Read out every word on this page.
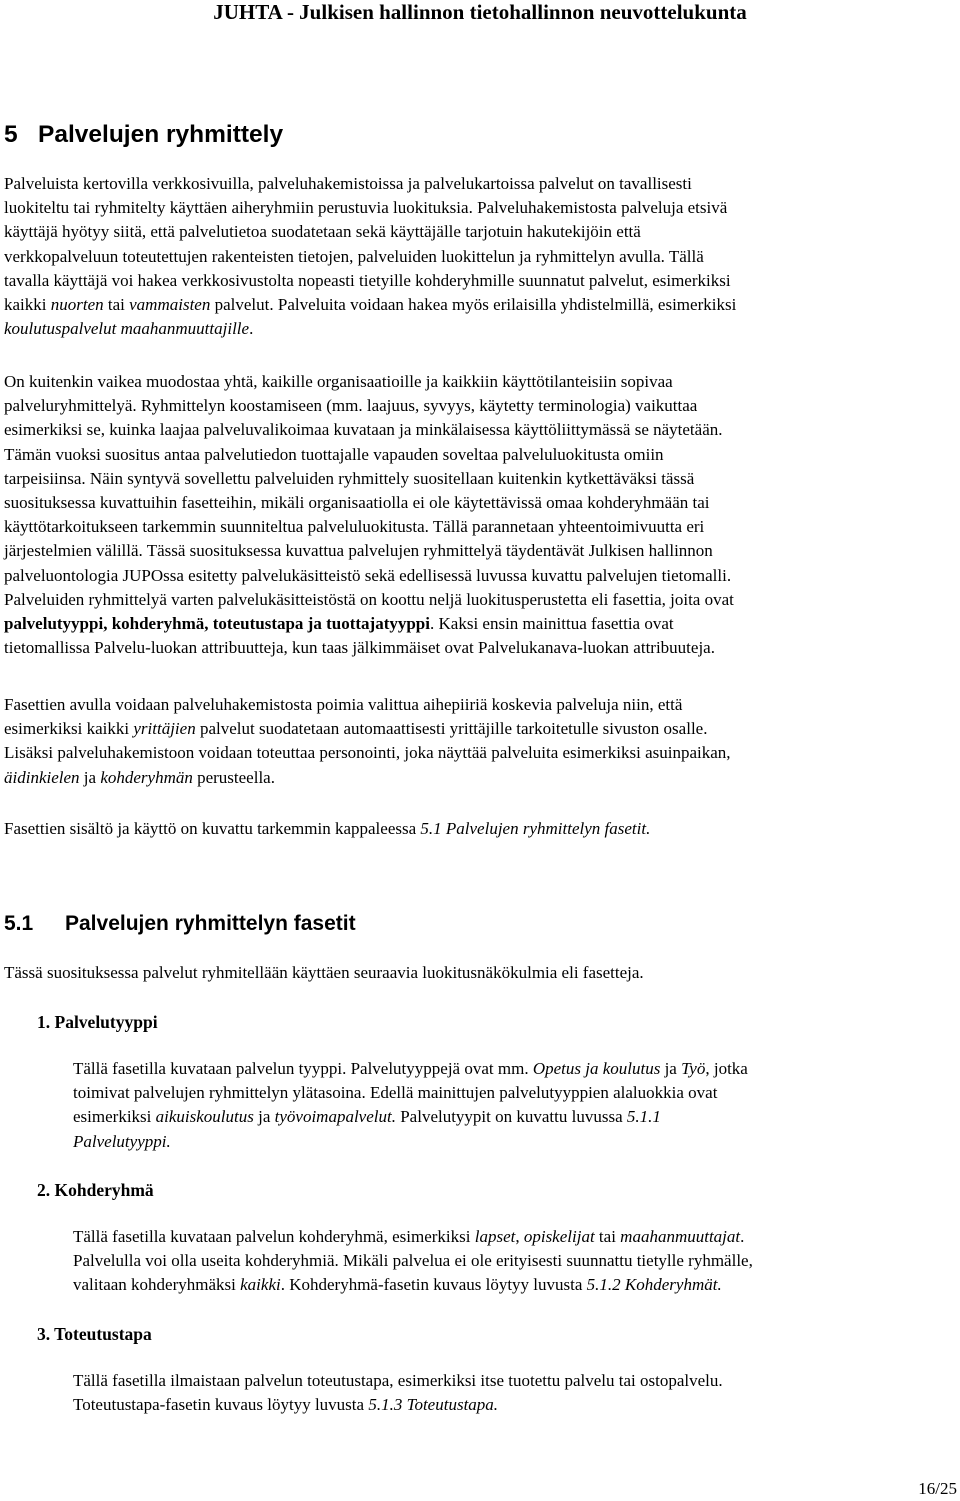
JUHTA - Julkisen hallinnon tietohallinnon neuvottelukunta
5 Palvelujen ryhmittely

Palveluista kertovilla verkkosivuilla, palveluhakemistoissa ja palvelukartoissa palvelut on tavallisesti
luokiteltu tai ryhmitelty käyttäen aiheryhmiin perustuvia luokituksia. Palveluhakemistosta palveluja etsivä
käyttäjä hyötyy siitä, että palvelutietoa suodatetaan sekä käyttäjälle tarjotuin hakutekijöin että
verkkopalveluun toteutettujen rakenteisten tietojen, palveluiden luokittelun ja ryhmittelyn avulla. Tällä
tavalla käyttäjä voi hakea verkkosivustolta nopeasti tietyille kohderyhmille suunnatut palvelut, esimerkiksi
kaikki nuorten tai vammaisten palvelut. Palveluita voidaan hakea myös erilaisilla yhdistelmillä, esimerkiksi
koulutuspalvelut maahanmuuttajille.

On kuitenkin vaikea muodostaa yhtä, kaikille organisaatioille ja kaikkiin käyttötilanteisiin sopivaa
palveluryhmittelyä. Ryhmittelyn koostamiseen (mm. laajuus, syvyys, käytetty terminologia) vaikuttaa
esimerkiksi se, kuinka laajaa palveluvalikoimaa kuvataan ja minkälaisessa käyttöliittymässä se näytetään.
Tämän vuoksi suositus antaa palvelutiedon tuottajalle vapauden soveltaa palveluluokitusta omiin
tarpeisiinsa. Näin syntyvä sovellettu palveluiden ryhmittely suositellaan kuitenkin kytkettäväksi tässä
suosituksessa kuvattuihin fasetteihin, mikäli organisaatiolla ei ole käytettävissä omaa kohderyhmään tai
käyttötarkoitukseen tarkemmin suunniteltua palveluluokitusta. Tällä parannetaan yhteentoimivuutta eri
järjestelmien välillä. Tässä suosituksessa kuvattua palvelujen ryhmittelyä täydentävät Julkisen hallinnon
palveluontologia JUPOssa esitetty palvelukäsitteistö sekä edellisessä luvussa kuvattu palvelujen tietomalli.
Palveluiden ryhmittelyä varten palvelukäsitteistöstä on koottu neljä luokitusperustetta eli fasettia, joita ovat
palvelutyyppi, kohderyhmä, toteutustapa ja tuottajatyyppi. Kaksi ensin mainittua fasettia ovat
tietomallissa Palvelu-luokan attribuutteja, kun taas jälkimmäiset ovat Palvelukanava-luokan attribuuteja.

Fasettien avulla voidaan palveluhakemistosta poimia valittua aihepiiriä koskevia palveluja niin, että
esimerkiksi kaikki yrittäjien palvelut suodatetaan automaattisesti yrittäjille tarkoitetulle sivuston osalle.
Lisäksi palveluhakemistoon voidaan toteuttaa personointi, joka näyttää palveluita esimerkiksi asuinpaikan,
äidinkielen ja kohderyhmän perusteella.

Fasettien sisältö ja käyttö on kuvattu tarkemmin kappaleessa 5.1 Palvelujen ryhmittelyn fasetit.

5.1 Palvelujen ryhmittelyn fasetit

Tässä suosituksessa palvelut ryhmitellään käyttäen seuraavia luokitusnäkökulmia eli fasetteja.

1. Palvelutyyppi

Tällä fasetilla kuvataan palvelun tyyppi. Palvelutyyppejä ovat mm. Opetus ja koulutus ja Työ, jotka
toimivat palvelujen ryhmittelyn ylätasoina. Edellä mainittujen palvelutyyppien alaluokkia ovat
esimerkiksi aikuiskoulutus ja työvoimapalvelut. Palvelutyypit on kuvattu luvussa 5.1.1
Palvelutyyppi.

2. Kohderyhmä

Tällä fasetilla kuvataan palvelun kohderyhmä, esimerkiksi lapset, opiskelijat tai maahanmuuttajat.
Palvelulla voi olla useita kohderyhmiä. Mikäli palvelua ei ole erityisesti suunnattu tietylle ryhmälle,
valitaan kohderyhmäksi kaikki. Kohderyhmä-fasetin kuvaus löytyy luvusta 5.1.2 Kohderyhmät.

3. Toteutustapa

Tällä fasetilla ilmaistaan palvelun toteutustapa, esimerkiksi itse tuotettu palvelu tai ostopalvelu.
Toteutustapa-fasetin kuvaus löytyy luvusta 5.1.3 Toteutustapa.

16/25
